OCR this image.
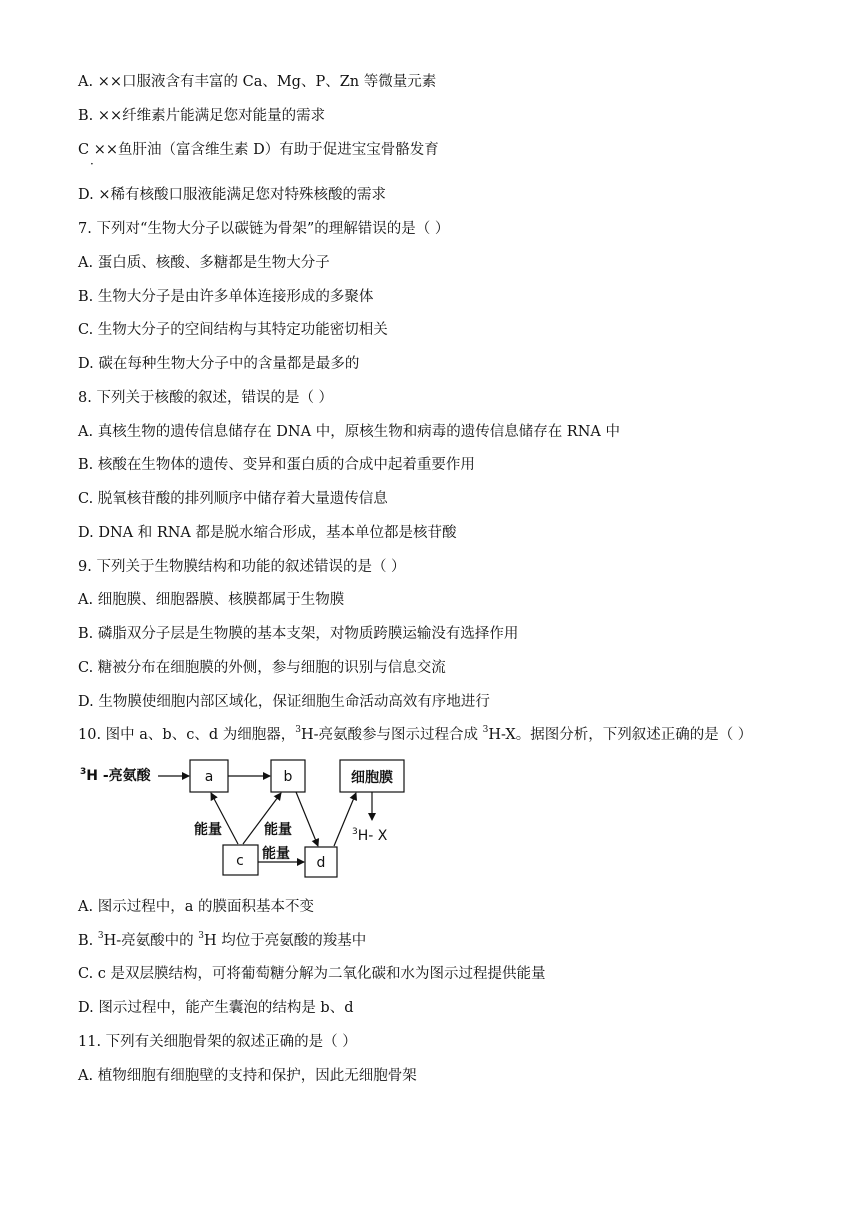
A. ××口服液含有丰富的 Ca、Mg、P、Zn 等微量元素
B. ××纤维素片能满足您对能量的需求
C ××鱼肝油（富含维生素 D）有助于促进宝宝骨骼发育
·
D. ×稀有核酸口服液能满足您对特殊核酸的需求
7. 下列对“生物大分子以碳链为骨架”的理解错误的是（ ）
A. 蛋白质、核酸、多糖都是生物大分子
B. 生物大分子是由许多单体连接形成的多聚体
C. 生物大分子的空间结构与其特定功能密切相关
D. 碳在每种生物大分子中的含量都是最多的
8. 下列关于核酸的叙述，错误的是（ ）
A. 真核生物的遗传信息储存在 DNA 中，原核生物和病毒的遗传信息储存在 RNA 中
B. 核酸在生物体的遗传、变异和蛋白质的合成中起着重要作用
C. 脱氧核苷酸的排列顺序中储存着大量遗传信息
D. DNA 和 RNA 都是脱水缩合形成，基本单位都是核苷酸
9. 下列关于生物膜结构和功能的叙述错误的是（ ）
A. 细胞膜、细胞器膜、核膜都属于生物膜
B. 磷脂双分子层是生物膜的基本支架，对物质跨膜运输没有选择作用
C. 糖被分布在细胞膜的外侧，参与细胞的识别与信息交流
D. 生物膜使细胞内部区域化，保证细胞生命活动高效有序地进行
10. 图中 a、b、c、d 为细胞器，$^3$H-亮氨酸参与图示过程合成 $^3$H-X。据图分析，下列叙述正确的是（ ）
$^3$H -亮氨酸	a	b	细胞膜
c	d
能量	能量
能量
$^3$H- X
A. 图示过程中，a 的膜面积基本不变
B. $^3$H-亮氨酸中的 $^3$H 均位于亮氨酸的羧基中
C. c 是双层膜结构，可将葡萄糖分解为二氧化碳和水为图示过程提供能量
D. 图示过程中，能产生囊泡的结构是 b、d
11. 下列有关细胞骨架的叙述正确的是（ ）
A. 植物细胞有细胞壁的支持和保护，因此无细胞骨架
